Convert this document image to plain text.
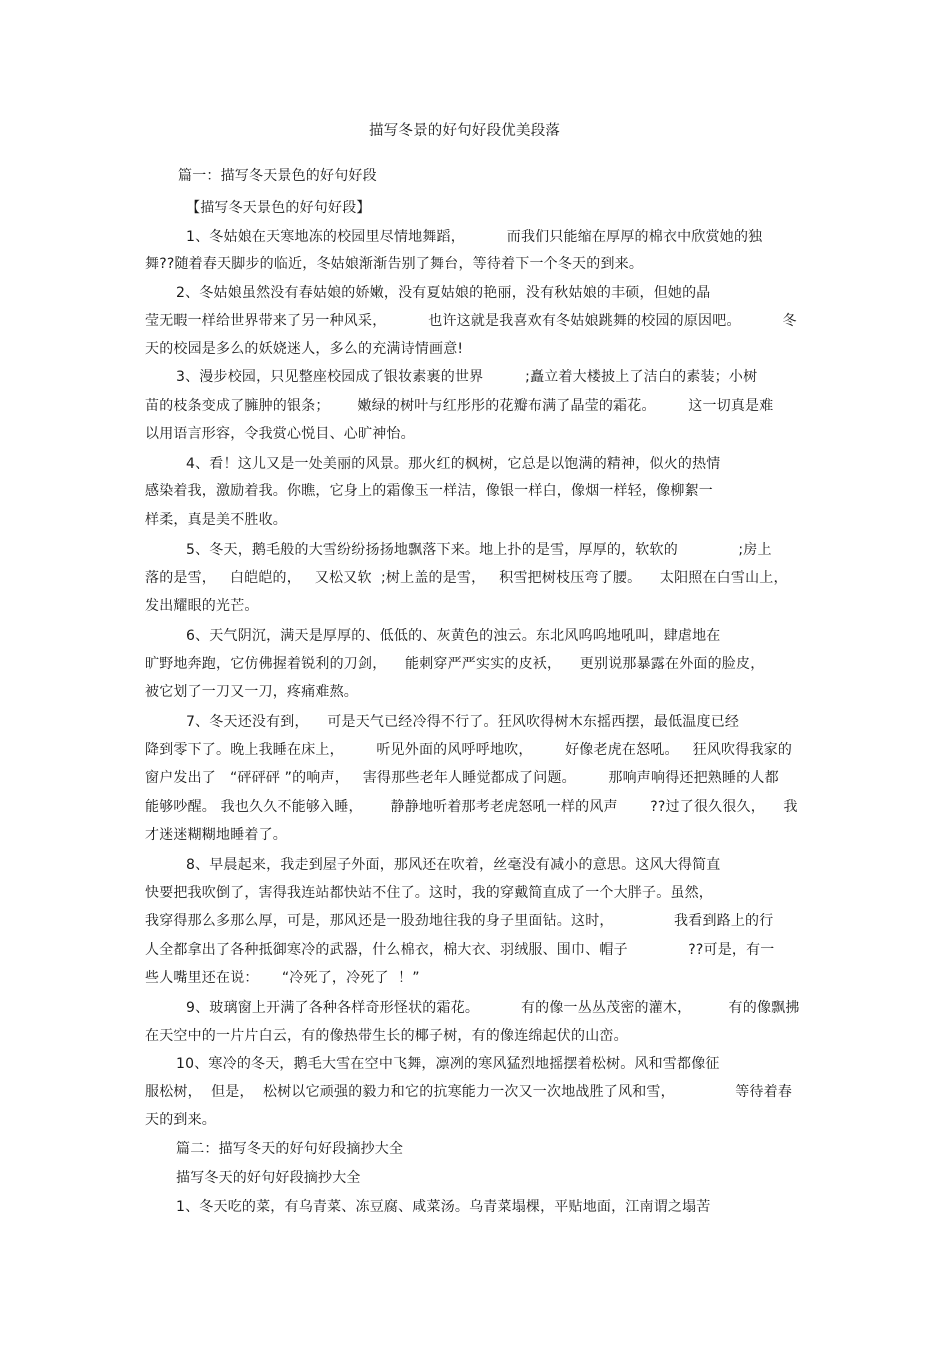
描写冬景的好句好段优美段落
篇一：描写冬天景色的好句好段
【描写冬天景色的好句好段】
1、冬姑娘在天寒地冻的校园里尽情地舞蹈，         而我们只能缩在厚厚的棉衣中欣赏她的独
舞??随着春天脚步的临近，冬姑娘渐渐告别了舞台，等待着下一个冬天的到来。
2、冬姑娘虽然没有春姑娘的娇嫩，没有夏姑娘的艳丽，没有秋姑娘的丰硕，但她的晶
莹无暇一样给世界带来了另一种风采，         也许这就是我喜欢有冬姑娘跳舞的校园的原因吧。         冬
天的校园是多么的妖娆迷人，多么的充满诗情画意!
3、漫步校园，只见整座校园成了银妆素裹的世界         ;矗立着大楼披上了洁白的素装；小树
苗的枝条变成了臃肿的银条；      嫩绿的树叶与红彤彤的花瓣布满了晶莹的霜花。       这一切真是难
以用语言形容，令我赏心悦目、心旷神怡。
4、看！这儿又是一处美丽的风景。那火红的枫树，它总是以饱满的精神，似火的热情
感染着我，激励着我。你瞧，它身上的霜像玉一样洁，像银一样白，像烟一样轻，像柳絮一
样柔，真是美不胜收。
5、冬天，鹅毛般的大雪纷纷扬扬地飘落下来。地上扑的是雪，厚厚的，软软的             ;房上
落的是雪，   白皑皑的，   又松又软  ;树上盖的是雪，   积雪把树枝压弯了腰。    太阳照在白雪山上，
发出耀眼的光芒。
6、天气阴沉，满天是厚厚的、低低的、灰黄色的浊云。东北风呜呜地吼叫，肆虐地在
旷野地奔跑，它仿佛握着锐利的刀剑，    能刺穿严严实实的皮袄，    更别说那暴露在外面的脸皮，
被它划了一刀又一刀，疼痛难熬。
7、冬天还没有到，    可是天气已经冷得不行了。狂风吹得树木东摇西摆，最低温度已经
降到零下了。晚上我睡在床上，       听见外面的风呼呼地吹，       好像老虎在怒吼。   狂风吹得我家的
窗户发出了   “砰砰砰 ”的响声，   害得那些老年人睡觉都成了问题。       那响声响得还把熟睡的人都
能够吵醒。 我也久久不能够入睡，      静静地听着那考老虎怒吼一样的风声       ??过了很久很久，    我
才迷迷糊糊地睡着了。
8、早晨起来，我走到屋子外面，那风还在吹着，丝毫没有减小的意思。这风大得简直
快要把我吹倒了，害得我连站都快站不住了。这时，我的穿戴简直成了一个大胖子。虽然，
我穿得那么多那么厚，可是，那风还是一股劲地往我的身子里面钻。这时，             我看到路上的行
人全都拿出了各种抵御寒冷的武器，什么棉衣，棉大衣、羽绒服、围巾、帽子             ??可是，有一
些人嘴里还在说：     “冷死了，冷死了  ！”
9、玻璃窗上开满了各种各样奇形怪状的霜花。         有的像一丛丛茂密的灌木，        有的像飘拂
在天空中的一片片白云，有的像热带生长的椰子树，有的像连绵起伏的山峦。
10、寒冷的冬天，鹅毛大雪在空中飞舞，凛冽的寒风猛烈地摇摆着松树。风和雪都像征
服松树，  但是，  松树以它顽强的毅力和它的抗寒能力一次又一次地战胜了风和雪，             等待着春
天的到来。
篇二：描写冬天的好句好段摘抄大全
描写冬天的好句好段摘抄大全
1、冬天吃的菜，有乌青菜、冻豆腐、咸菜汤。乌青菜塌棵，平贴地面，江南谓之塌苦
